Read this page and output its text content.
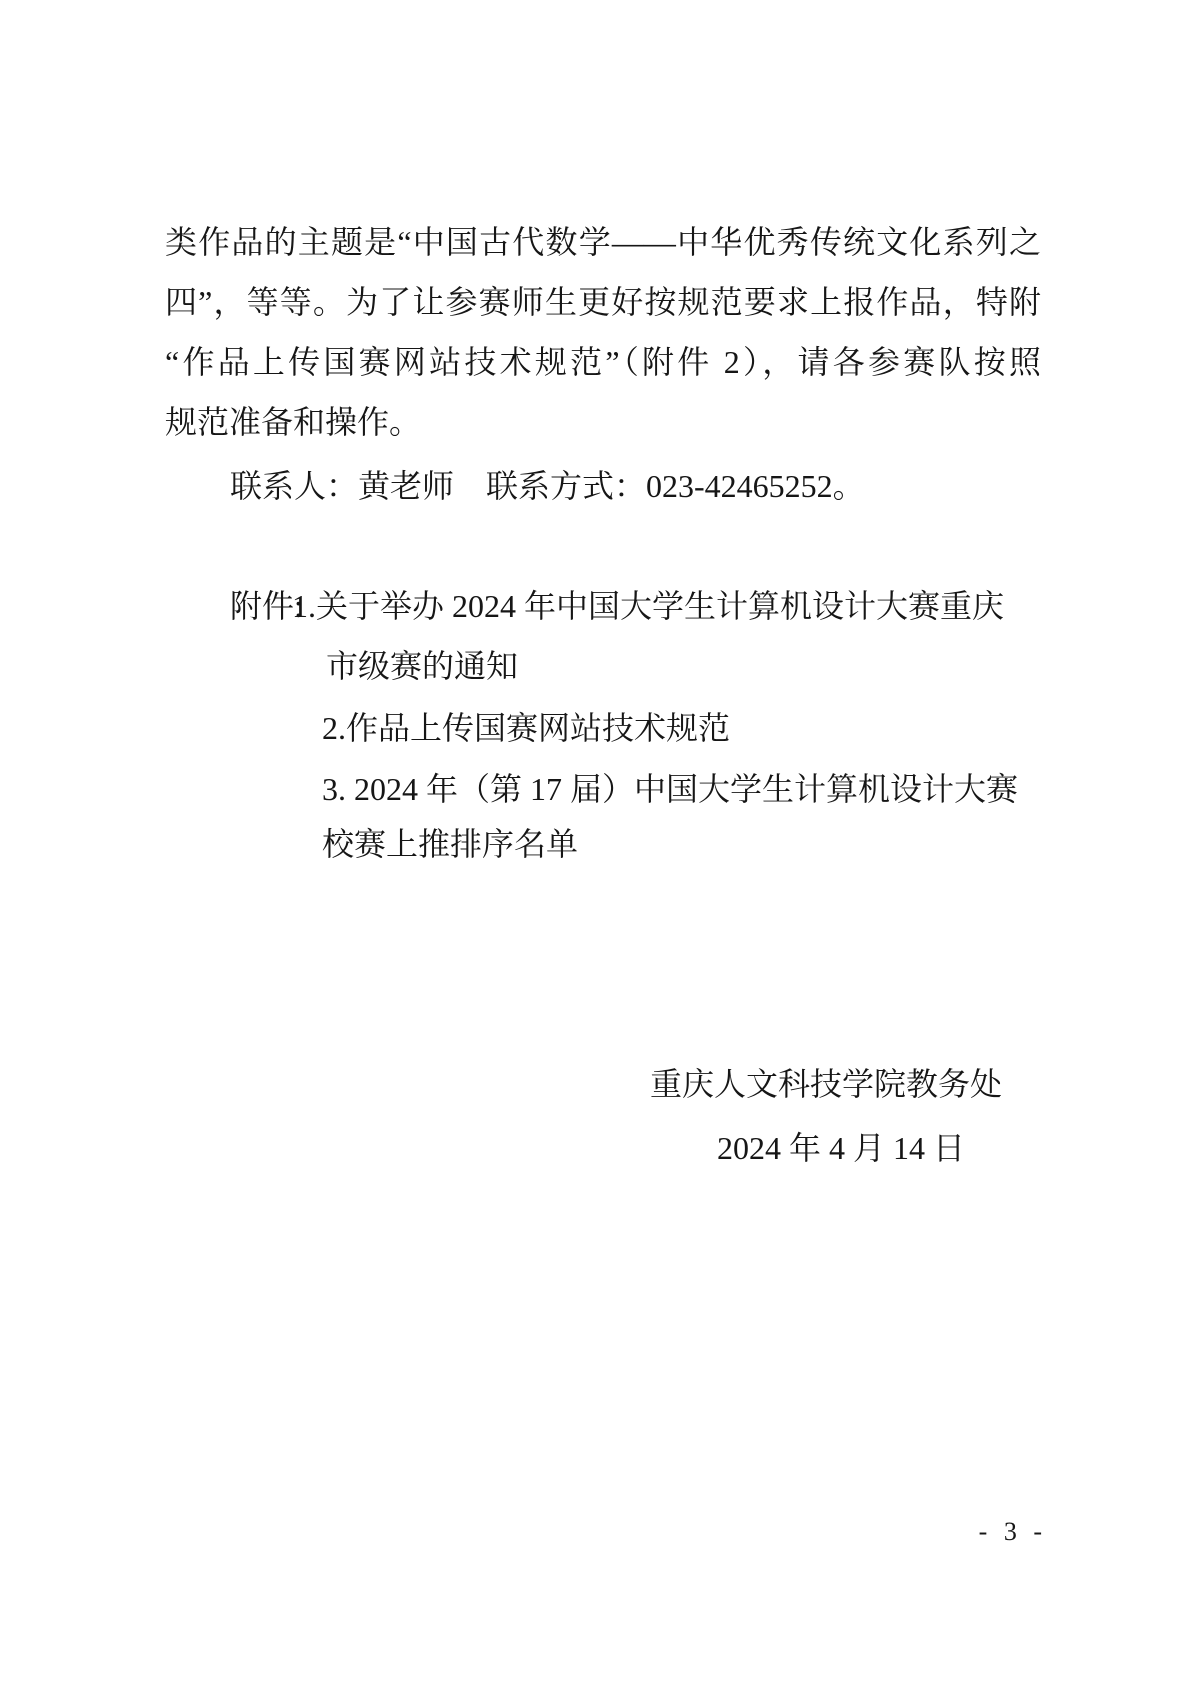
类作品的主题是“中国古代数学——中华优秀传统文化系列之
四”，等等。为了让参赛师生更好按规范要求上报作品，特附
“作品上传国赛网站技术规范”（附件 2），请各参赛队按照
规范准备和操作。
联系人：黄老师　联系方式：023-42465252。
附件:
1.关于举办 2024 年中国大学生计算机设计大赛重庆
市级赛的通知
2.作品上传国赛网站技术规范
3. 2024 年（第 17 届）中国大学生计算机设计大赛
校赛上推排序名单
重庆人文科技学院教务处
2024 年 4 月 14 日
- 3 -
